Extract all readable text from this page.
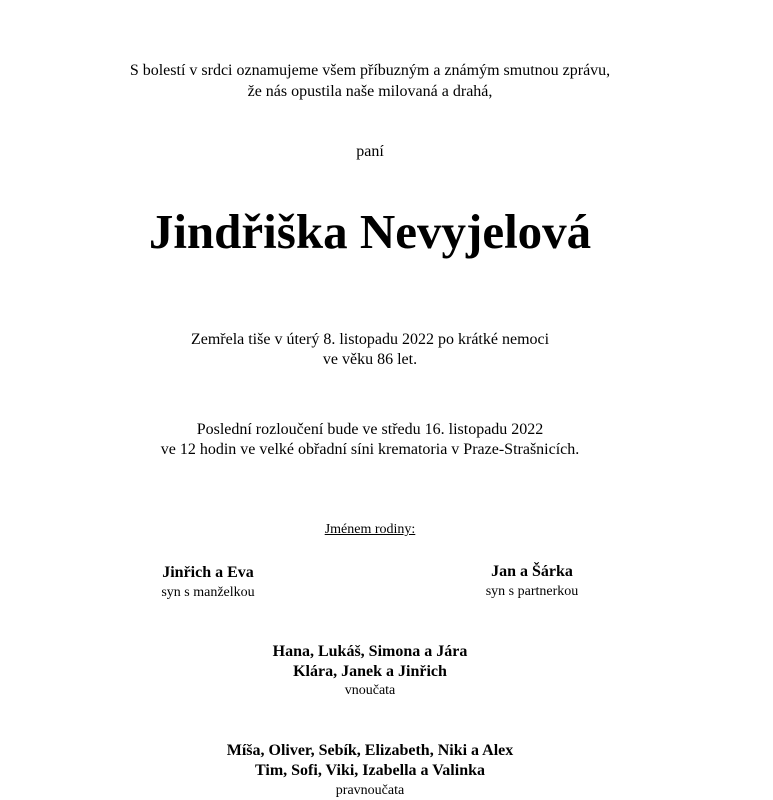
S bolestí v srdci oznamujeme všem příbuzným a známým smutnou zprávu,
že nás opustila naše milovaná a drahá,
paní
Jindřiška Nevyjelová
Zemřela tiše v úterý 8. listopadu 2022 po krátké nemoci
ve věku 86 let.
Poslední rozloučení bude ve středu 16. listopadu 2022
ve 12 hodin ve velké obřadní síni krematoria v Praze-Strašnicích.
Jménem rodiny:
Jinřich a Eva
syn s manželkou
Jan a Šárka
syn s partnerkou
Hana, Lukáš, Simona a Jára
Klára, Janek a Jinřich
vnoučata
Míša, Oliver, Sebík, Elizabeth, Niki a Alex
Tim, Sofi, Viki, Izabella a Valinka
pravnoučata
